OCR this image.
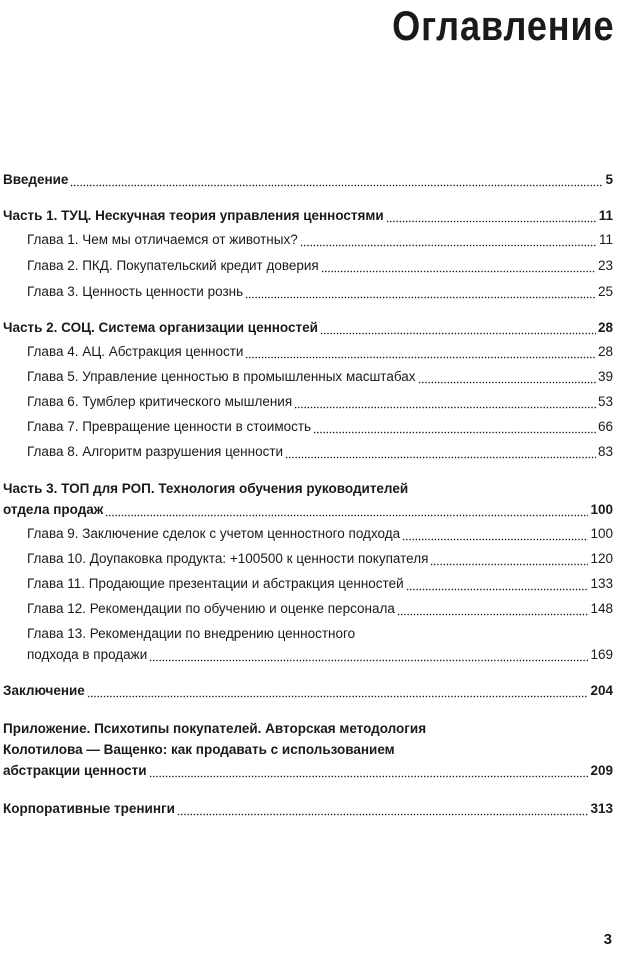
Оглавление
Введение	5
Часть 1. ТУЦ. Нескучная теория управления ценностями	11
Глава 1. Чем мы отличаемся от животных?	11
Глава 2. ПКД. Покупательский кредит доверия	23
Глава 3. Ценность ценности рознь	25
Часть 2. СОЦ. Система организации ценностей	28
Глава 4. АЦ. Абстракция ценности	28
Глава 5. Управление ценностью в промышленных масштабах	39
Глава 6. Тумблер критического мышления	53
Глава 7. Превращение ценности в стоимость	66
Глава 8. Алгоритм разрушения ценности	83
Часть 3. ТОП для РОП. Технология обучения руководителей
отдела продаж	100
Глава 9. Заключение сделок с учетом ценностного подхода	100
Глава 10. Доупаковка продукта: +100500 к ценности покупателя	120
Глава 11. Продающие презентации и абстракция ценностей	133
Глава 12. Рекомендации по обучению и оценке персонала	148
Глава 13. Рекомендации по внедрению ценностного
подхода в продажи	169
Заключение	204
Приложение. Психотипы покупателей. Авторская методология
Колотилова — Ващенко: как продавать с использованием
абстракции ценности	209
Корпоративные тренинги	313
3
